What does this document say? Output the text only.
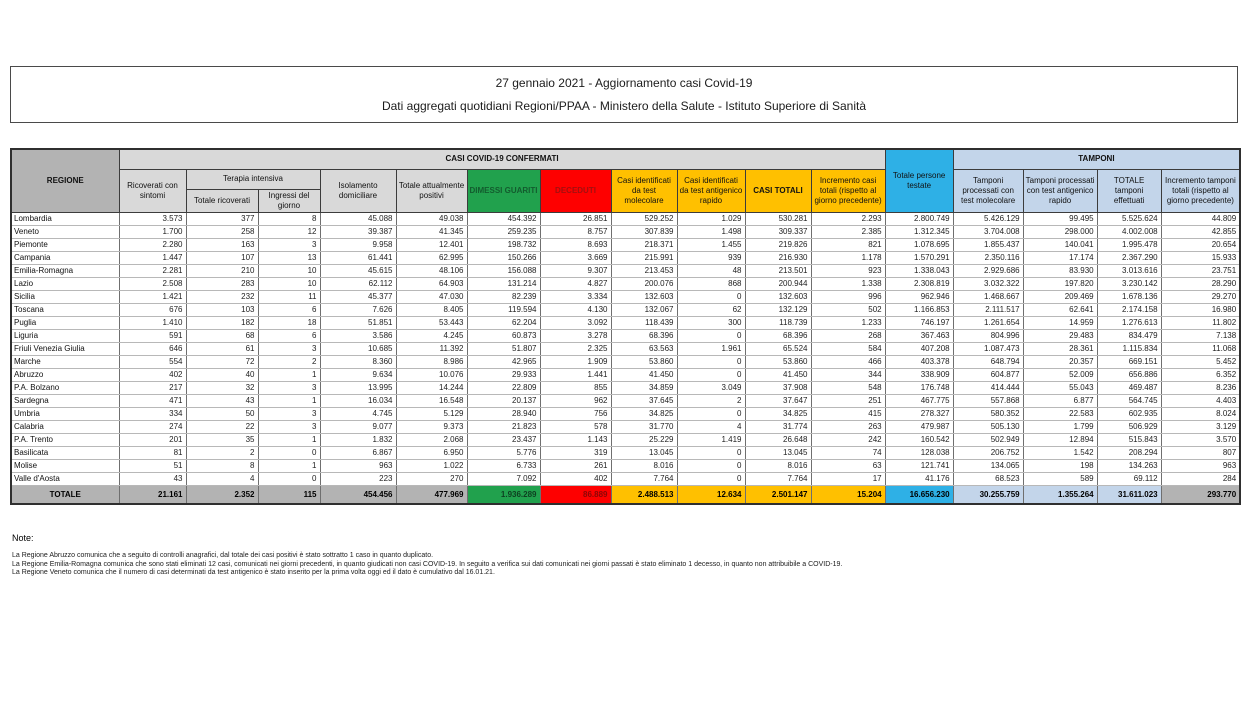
27 gennaio 2021 - Aggiornamento casi Covid-19
Dati aggregati quotidiani Regioni/PPAA - Ministero della Salute - Istituto Superiore di Sanità
REGIONE	CASI COVID-19 CONFERMATI											Totale persone testate	TAMPONI			
	Ricoverati con sintomi	Terapia intensiva		Isolamento domiciliare	Totale attualmente positivi	DIMESSI GUARITI	DECEDUTI	Casi identificati da test molecolare	Casi identificati da test antigenico rapido	CASI TOTALI	Incremento casi totali (rispetto al giorno precedente)		Tamponi processati con test molecolare	Tamponi processati con test antigenico rapido	TOTALE tamponi effettuati	Incremento tamponi totali (rispetto al giorno precedente)
		Totale ricoverati	Ingressi del giorno													
Lombardia	3.573	377	8	45.088	49.038	454.392	26.851	529.252	1.029	530.281	2.293	2.800.749	5.426.129	99.495	5.525.624	44.809
Veneto	1.700	258	12	39.387	41.345	259.235	8.757	307.839	1.498	309.337	2.385	1.312.345	3.704.008	298.000	4.002.008	42.855
Piemonte	2.280	163	3	9.958	12.401	198.732	8.693	218.371	1.455	219.826	821	1.078.695	1.855.437	140.041	1.995.478	20.654
Campania	1.447	107	13	61.441	62.995	150.266	3.669	215.991	939	216.930	1.178	1.570.291	2.350.116	17.174	2.367.290	15.933
Emilia-Romagna	2.281	210	10	45.615	48.106	156.088	9.307	213.453	48	213.501	923	1.338.043	2.929.686	83.930	3.013.616	23.751
Lazio	2.508	283	10	62.112	64.903	131.214	4.827	200.076	868	200.944	1.338	2.308.819	3.032.322	197.820	3.230.142	28.290
Sicilia	1.421	232	11	45.377	47.030	82.239	3.334	132.603	0	132.603	996	962.946	1.468.667	209.469	1.678.136	29.270
Toscana	676	103	6	7.626	8.405	119.594	4.130	132.067	62	132.129	502	1.166.853	2.111.517	62.641	2.174.158	16.980
Puglia	1.410	182	18	51.851	53.443	62.204	3.092	118.439	300	118.739	1.233	746.197	1.261.654	14.959	1.276.613	11.802
Liguria	591	68	6	3.586	4.245	60.873	3.278	68.396	0	68.396	268	367.463	804.996	29.483	834.479	7.138
Friuli Venezia Giulia	646	61	3	10.685	11.392	51.807	2.325	63.563	1.961	65.524	584	407.208	1.087.473	28.361	1.115.834	11.068
Marche	554	72	2	8.360	8.986	42.965	1.909	53.860	0	53.860	466	403.378	648.794	20.357	669.151	5.452
Abruzzo	402	40	1	9.634	10.076	29.933	1.441	41.450	0	41.450	344	338.909	604.877	52.009	656.886	6.352
P.A. Bolzano	217	32	3	13.995	14.244	22.809	855	34.859	3.049	37.908	548	176.748	414.444	55.043	469.487	8.236
Sardegna	471	43	1	16.034	16.548	20.137	962	37.645	2	37.647	251	467.775	557.868	6.877	564.745	4.403
Umbria	334	50	3	4.745	5.129	28.940	756	34.825	0	34.825	415	278.327	580.352	22.583	602.935	8.024
Calabria	274	22	3	9.077	9.373	21.823	578	31.770	4	31.774	263	479.987	505.130	1.799	506.929	3.129
P.A. Trento	201	35	1	1.832	2.068	23.437	1.143	25.229	1.419	26.648	242	160.542	502.949	12.894	515.843	3.570
Basilicata	81	2	0	6.867	6.950	5.776	319	13.045	0	13.045	74	128.038	206.752	1.542	208.294	807
Molise	51	8	1	963	1.022	6.733	261	8.016	0	8.016	63	121.741	134.065	198	134.263	963
Valle d'Aosta	43	4	0	223	270	7.092	402	7.764	0	7.764	17	41.176	68.523	589	69.112	284
TOTALE	21.161	2.352	115	454.456	477.969	1.936.289	86.889	2.488.513	12.634	2.501.147	15.204	16.656.230	30.255.759	1.355.264	31.611.023	293.770
Note:
La Regione Abruzzo comunica che a seguito di controlli anagrafici, dal totale dei casi positivi è stato sottratto 1 caso in quanto duplicato.
La Regione Emilia-Romagna comunica che sono stati eliminati 12 casi, comunicati nei giorni precedenti, in quanto giudicati non casi COVID-19. In seguito a verifica sui dati comunicati nei giorni passati è stato eliminato 1 decesso, in quanto non attribuibile a COVID-19.
La Regione Veneto comunica che il numero di casi determinati da test antigenico è stato inserito per la prima volta oggi ed il dato è cumulativo dal 16.01.21.
